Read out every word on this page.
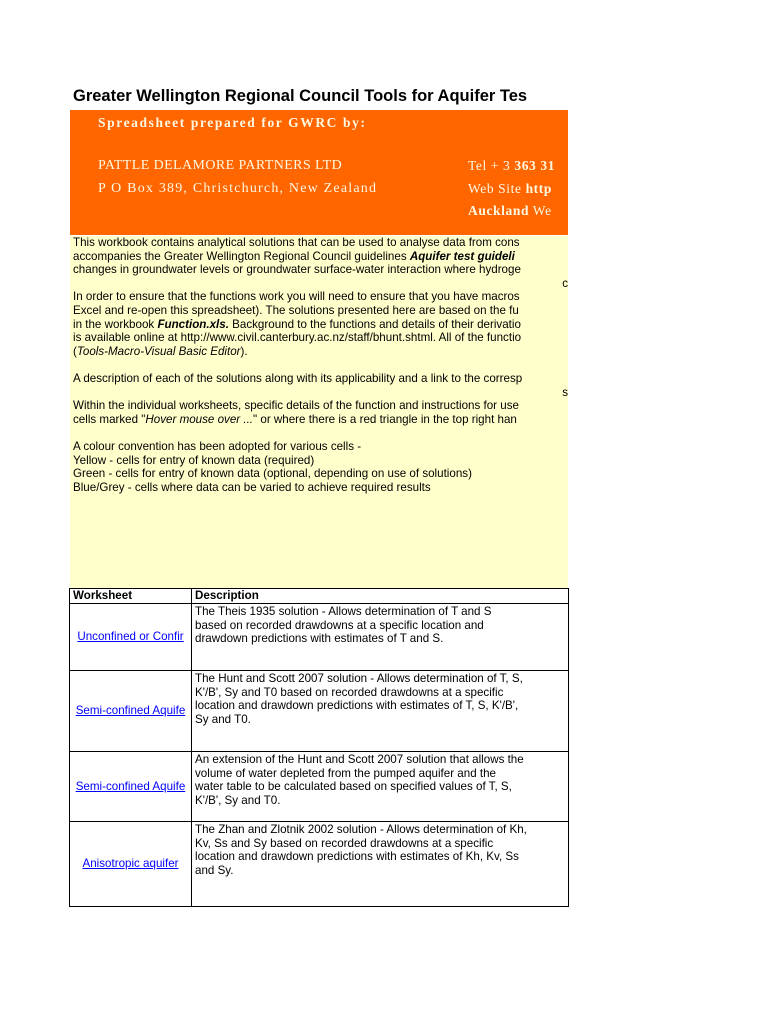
Greater Wellington Regional Council Tools for Aquifer Tes
Spreadsheet prepared for GWRC by:
PATTLE DELAMORE PARTNERS LTD
P O Box 389, Christchurch, New Zealand
Tel + 3 363 31
Web Site http
Auckland We
This workbook contains analytical solutions that can be used to analyse data from cons
accompanies the Greater Wellington Regional Council guidelines Aquifer test guideli
changes in groundwater levels or groundwater surface-water interaction where hydroge
c
In order to ensure that the functions work you will need to ensure that you have macros
Excel and re-open this spreadsheet). The solutions presented here are based on the fu
in the workbook Function.xls. Background to the functions and details of their derivatio
is available online at http://www.civil.canterbury.ac.nz/staff/bhunt.shtml. All of the functio
(Tools-Macro-Visual Basic Editor).
A description of each of the solutions along with its applicability and a link to the corresp
s
Within the individual worksheets, specific details of the function and instructions for use
cells marked "Hover mouse over ..." or where there is a red triangle in the top right han
A colour convention has been adopted for various cells -
Yellow - cells for entry of known data (required)
Green - cells for entry of known data (optional, depending on use of solutions)
Blue/Grey - cells where data can be varied to achieve required results
Worksheet	Description
Unconfined or Confir	The Theis 1935 solution - Allows determination of T and S
based on recorded drawdowns at a specific location and
drawdown predictions with estimates of T and S.

Semi-confined Aquife	The Hunt and Scott 2007 solution - Allows determination of T, S,
K'/B', Sy and T0 based on recorded drawdowns at a specific
location and drawdown predictions with estimates of T, S, K'/B',
Sy and T0.

Semi-confined Aquife	An extension of the Hunt and Scott 2007 solution that allows the
volume of water depleted from the pumped aquifer and the
water table to be calculated based on specified values of T, S,
K'/B', Sy and T0.

Anisotropic aquifer	The Zhan and Zlotnik 2002 solution - Allows determination of Kh,
Kv, Ss and Sy based on recorded drawdowns at a specific
location and drawdown predictions with estimates of Kh, Kv, Ss
and Sy.
